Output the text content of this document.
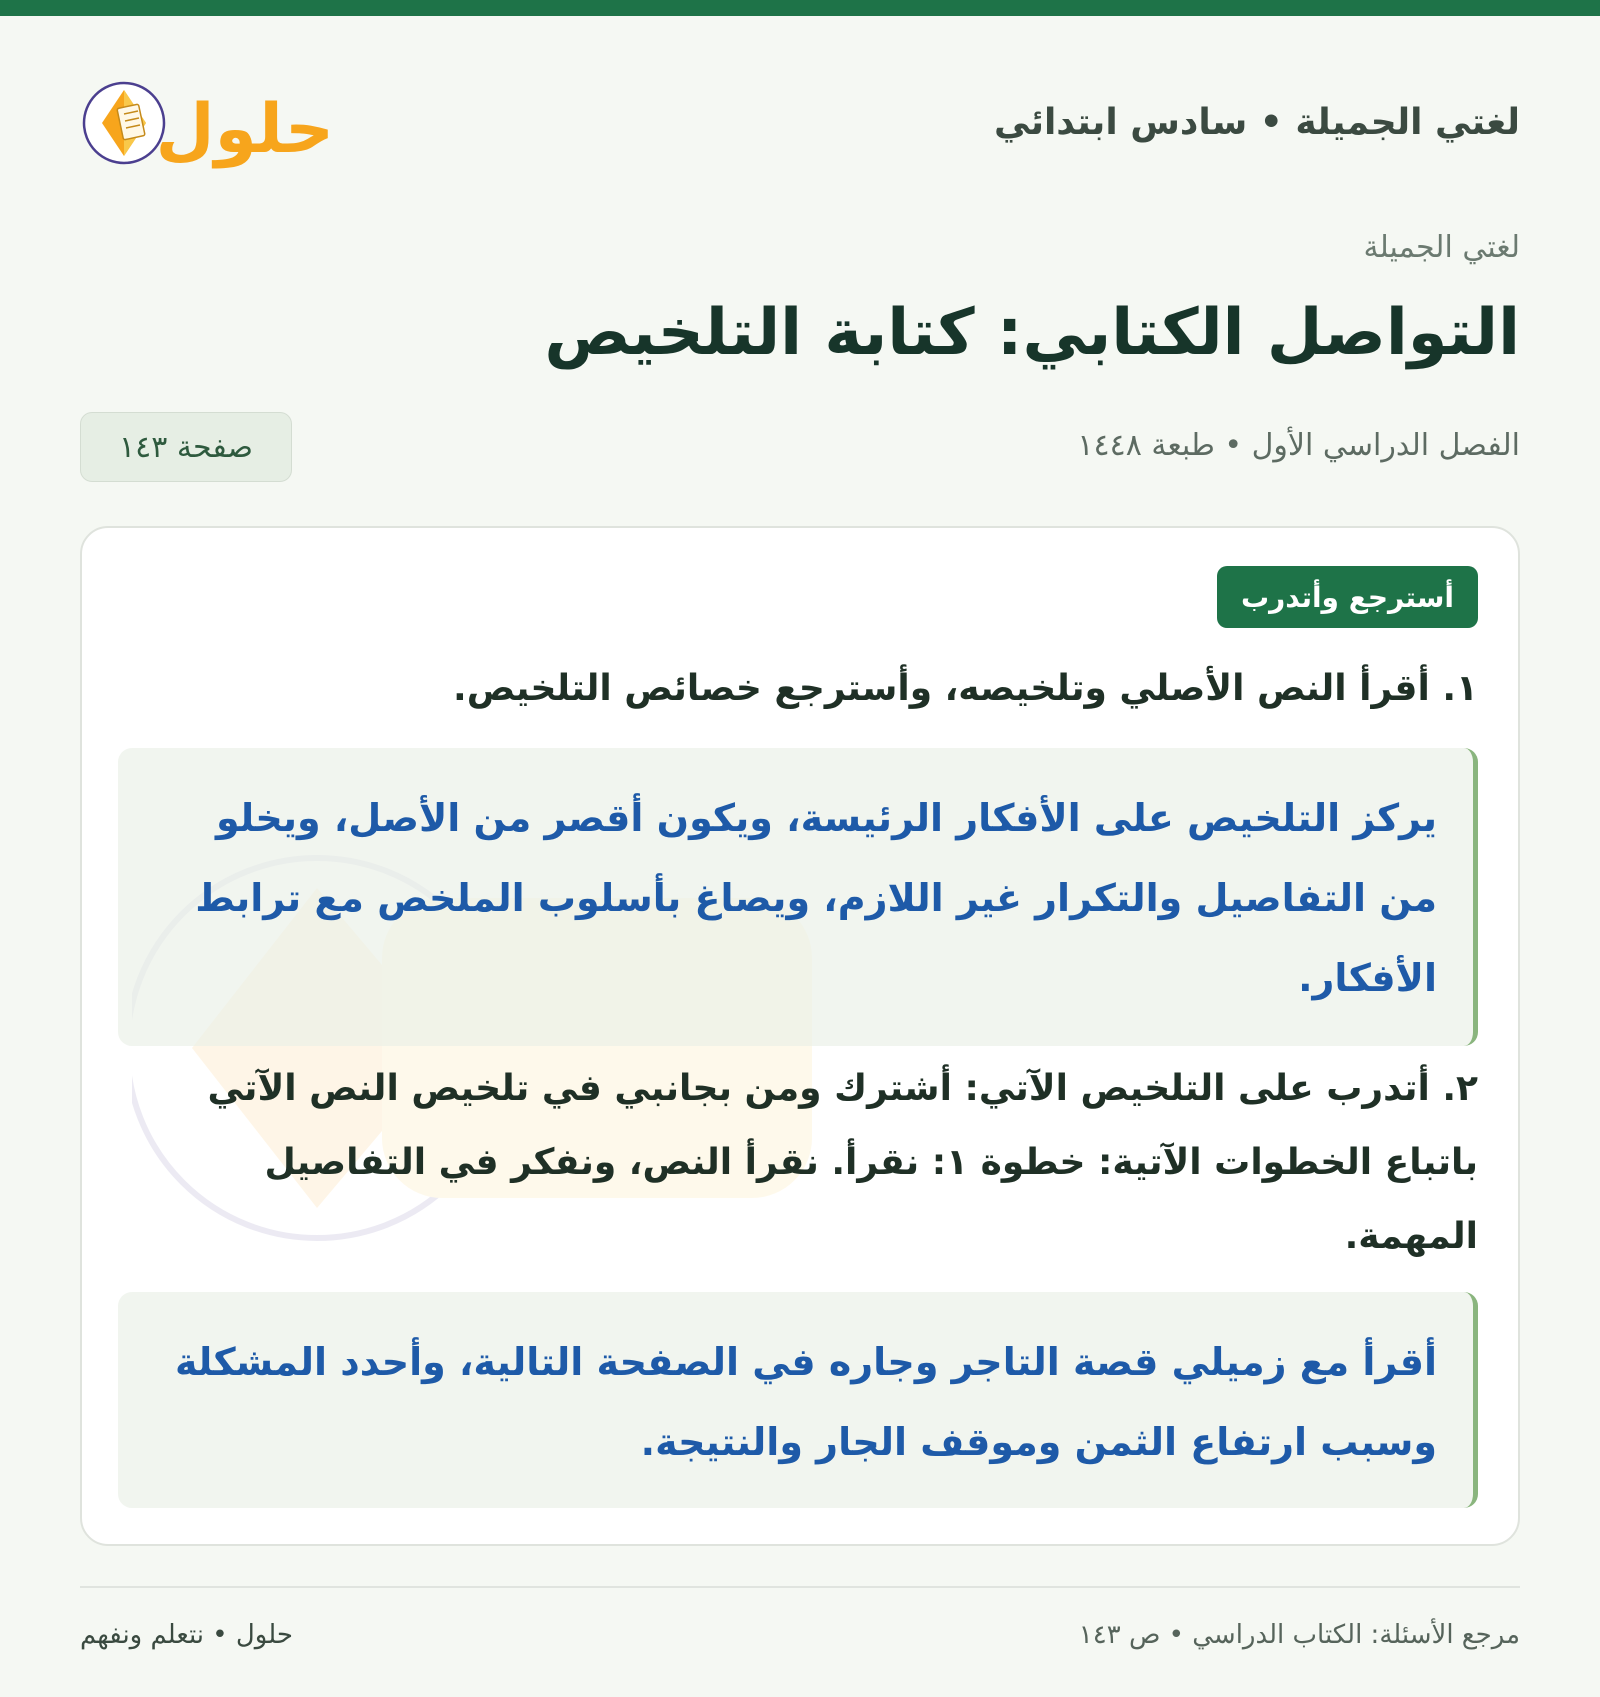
لغتي الجميلة • سادس ابتدائي
حلول
لغتي الجميلة
التواصل الكتابي: كتابة التلخيص
الفصل الدراسي الأول • طبعة ١٤٤٨
صفحة ١٤٣
أسترجع وأتدرب
١. أقرأ النص الأصلي وتلخيصه، وأسترجع خصائص التلخيص.
يركز التلخيص على الأفكار الرئيسة، ويكون أقصر من الأصل، ويخلو من التفاصيل والتكرار غير اللازم، ويصاغ بأسلوب الملخص مع ترابط الأفكار.
٢. أتدرب على التلخيص الآتي: أشترك ومن بجانبي في تلخيص النص الآتي باتباع الخطوات الآتية: خطوة ١: نقرأ. نقرأ النص، ونفكر في التفاصيل المهمة.
أقرأ مع زميلي قصة التاجر وجاره في الصفحة التالية، وأحدد المشكلة وسبب ارتفاع الثمن وموقف الجار والنتيجة.
مرجع الأسئلة: الكتاب الدراسي • ص ١٤٣
حلول • نتعلم ونفهم
